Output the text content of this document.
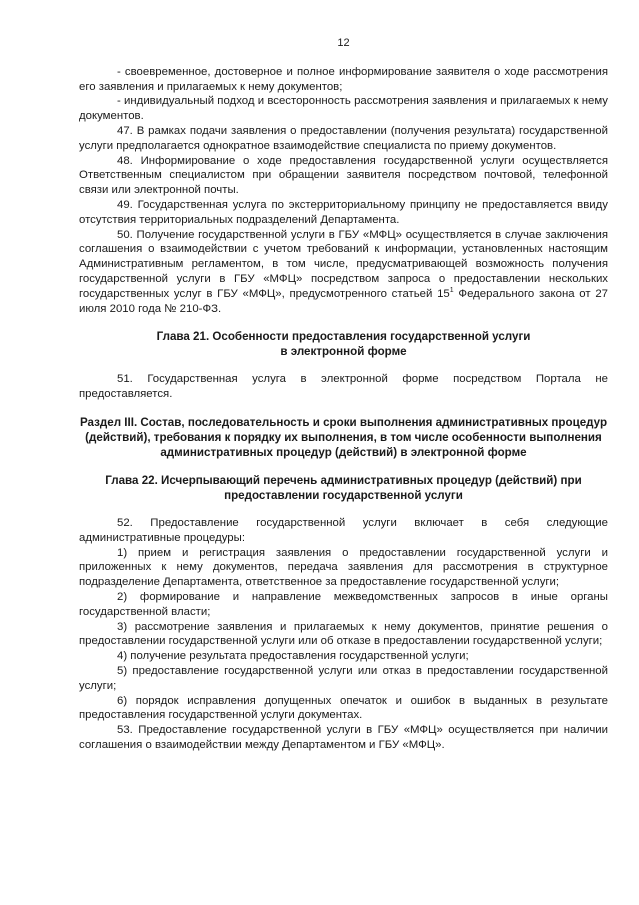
12

- своевременное, достоверное и полное информирование заявителя о ходе рассмотрения его заявления и прилагаемых к нему документов;

- индивидуальный подход и всесторонность рассмотрения заявления и прилагаемых к нему документов.

47. В рамках подачи заявления о предоставлении (получения результата) государственной услуги предполагается однократное взаимодействие специалиста по приему документов.

48. Информирование о ходе предоставления государственной услуги осуществляется Ответственным специалистом при обращении заявителя посредством почтовой, телефонной связи или электронной почты.

49. Государственная услуга по экстерриториальному принципу не предоставляется ввиду отсутствия территориальных подразделений Департамента.

50. Получение государственной услуги в ГБУ «МФЦ» осуществляется в случае заключения соглашения о взаимодействии с учетом требований к информации, установленных настоящим Административным регламентом, в том числе, предусматривающей возможность получения государственной услуги в ГБУ «МФЦ» посредством запроса о предоставлении нескольких государственных услуг в ГБУ «МФЦ», предусмотренного статьей $15^1$ Федерального закона от 27 июля 2010 года № 210-ФЗ.

Глава 21. Особенности предоставления государственной услуги
в электронной форме

51. Государственная услуга в электронной форме посредством Портала не предоставляется.

Раздел III. Состав, последовательность и сроки выполнения административных процедур (действий), требования к порядку их выполнения, в том числе особенности выполнения административных процедур (действий) в электронной форме
Глава 22. Исчерпывающий перечень административных процедур (действий) при предоставлении государственной услуги

52. Предоставление государственной услуги включает в себя следующие административные процедуры:

1) прием и регистрация заявления о предоставлении государственной услуги и приложенных к нему документов, передача заявления для рассмотрения в структурное подразделение Департамента, ответственное за предоставление государственной услуги;

2) формирование и направление межведомственных запросов в иные органы государственной власти;

3) рассмотрение заявления и прилагаемых к нему документов, принятие решения о предоставлении государственной услуги или об отказе в предоставлении государственной услуги;

4) получение результата предоставления государственной услуги;

5) предоставление государственной услуги или отказ в предоставлении государственной услуги;

6) порядок исправления допущенных опечаток и ошибок в выданных в результате предоставления государственной услуги документах.

53. Предоставление государственной услуги в ГБУ «МФЦ» осуществляется при наличии соглашения о взаимодействии между Департаментом и ГБУ «МФЦ».
